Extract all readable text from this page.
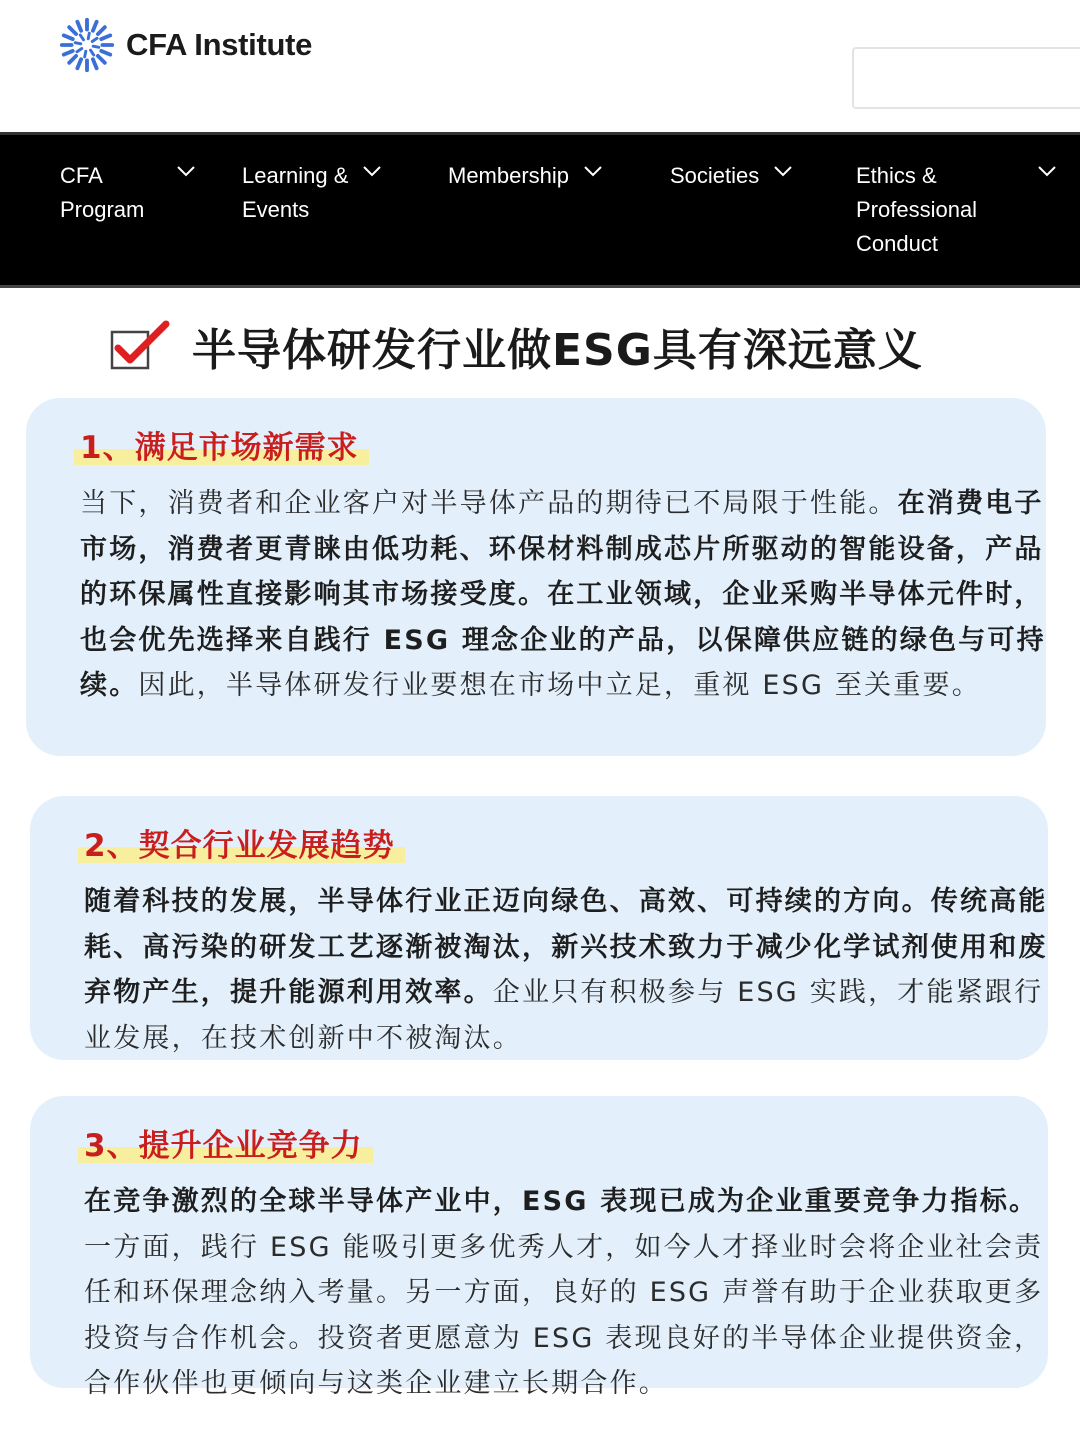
CFA Institute
CFA
Program
Learning &
Events
Membership	Societies	Ethics &
Professional
Conduct
半导体研发行业做ESG具有深远意义
1、满足市场新需求
当下，消费者和企业客户对半导体产品的期待已不局限于性能。在消费电子市场，消费者更青睐由低功耗、环保材料制成芯片所驱动的智能设备，产品的环保属性直接影响其市场接受度。在工业领域，企业采购半导体元件时，也会优先选择来自践行 ESG 理念企业的产品，以保障供应链的绿色与可持续。因此，半导体研发行业要想在市场中立足，重视 ESG 至关重要。
2、契合行业发展趋势
随着科技的发展，半导体行业正迈向绿色、高效、可持续的方向。传统高能耗、高污染的研发工艺逐渐被淘汰，新兴技术致力于减少化学试剂使用和废弃物产生，提升能源利用效率。企业只有积极参与 ESG 实践，才能紧跟行业发展，在技术创新中不被淘汰。
3、提升企业竞争力
在竞争激烈的全球半导体产业中，ESG 表现已成为企业重要竞争力指标。一方面，践行 ESG 能吸引更多优秀人才，如今人才择业时会将企业社会责任和环保理念纳入考量。另一方面，良好的 ESG 声誉有助于企业获取更多投资与合作机会。投资者更愿意为 ESG 表现良好的半导体企业提供资金，合作伙伴也更倾向与这类企业建立长期合作。
